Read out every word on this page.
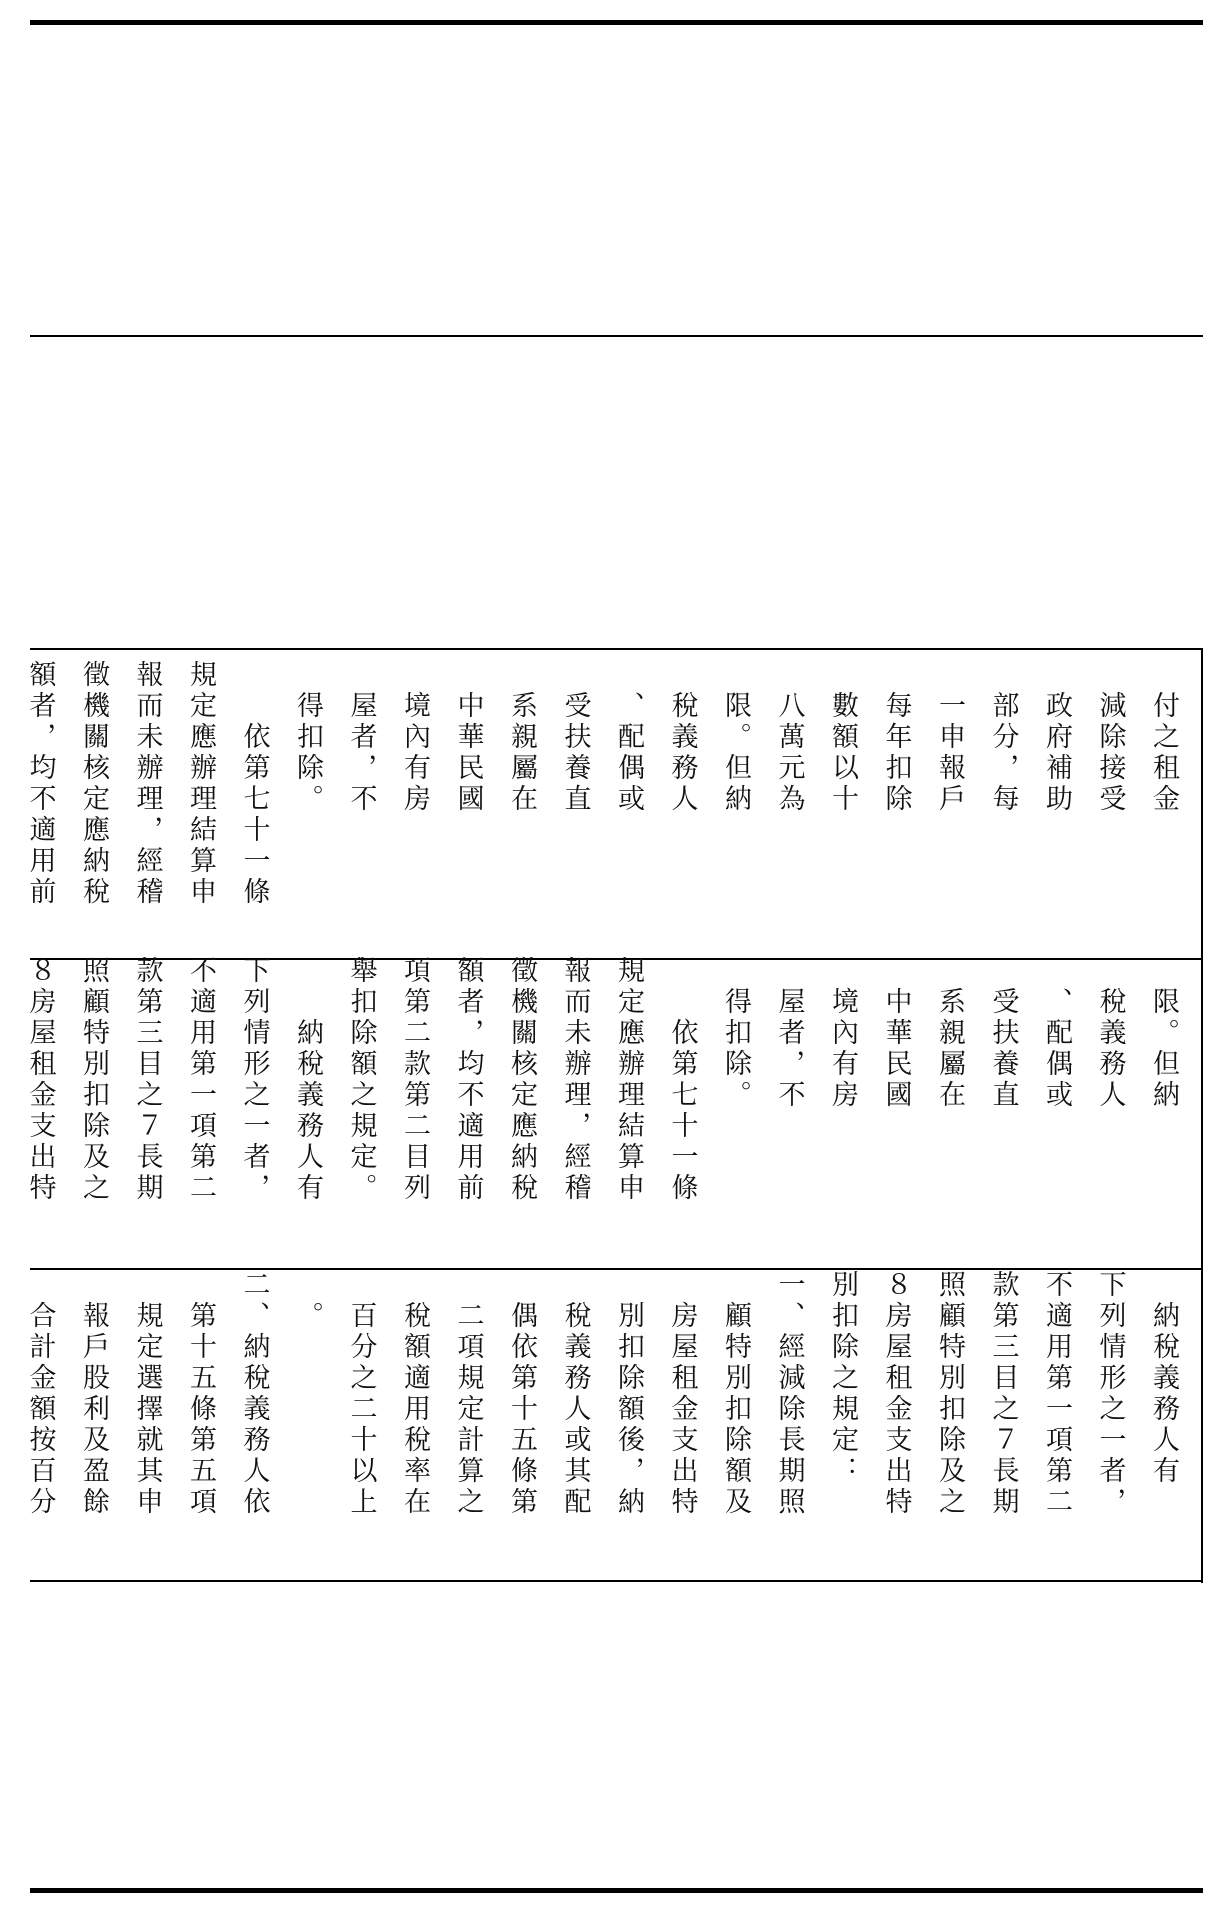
　納稅義務人有
下列情形之一者，
不適用第一項第二
款第三目之７長期
照顧特別扣除及之
８房屋租金支出特
別扣除之規定：
一、經減除長期照
　顧特別扣除額及
　房屋租金支出特
　別扣除額後，納
　稅義務人或其配
　偶依第十五條第
　二項規定計算之
　稅額適用稅率在
　百分之二十以上
　。
二、納稅義務人依
　第十五條第五項
　規定選擇就其申
　報戶股利及盈餘
　合計金額按百分
　限。但納
　稅義務人
　、配偶或
　受扶養直
　系親屬在
　中華民國
　境內有房
　屋者，不
　得扣除。
　　依第七十一條
規定應辦理結算申
報而未辦理，經稽
徵機關核定應納稅
額者，均不適用前
項第二款第二目列
舉扣除額之規定。
　　納稅義務人有
下列情形之一者，
不適用第一項第二
款第三目之７長期
照顧特別扣除及之
８房屋租金支出特
　付之租金
　減除接受
　政府補助
　部分，每
　一申報戶
　每年扣除
　數額以十
　八萬元為
　限。但納
　稅義務人
　、配偶或
　受扶養直
　系親屬在
　中華民國
　境內有房
　屋者，不
　得扣除。
　　依第七十一條
規定應辦理結算申
報而未辦理，經稽
徵機關核定應納稅
額者，均不適用前
